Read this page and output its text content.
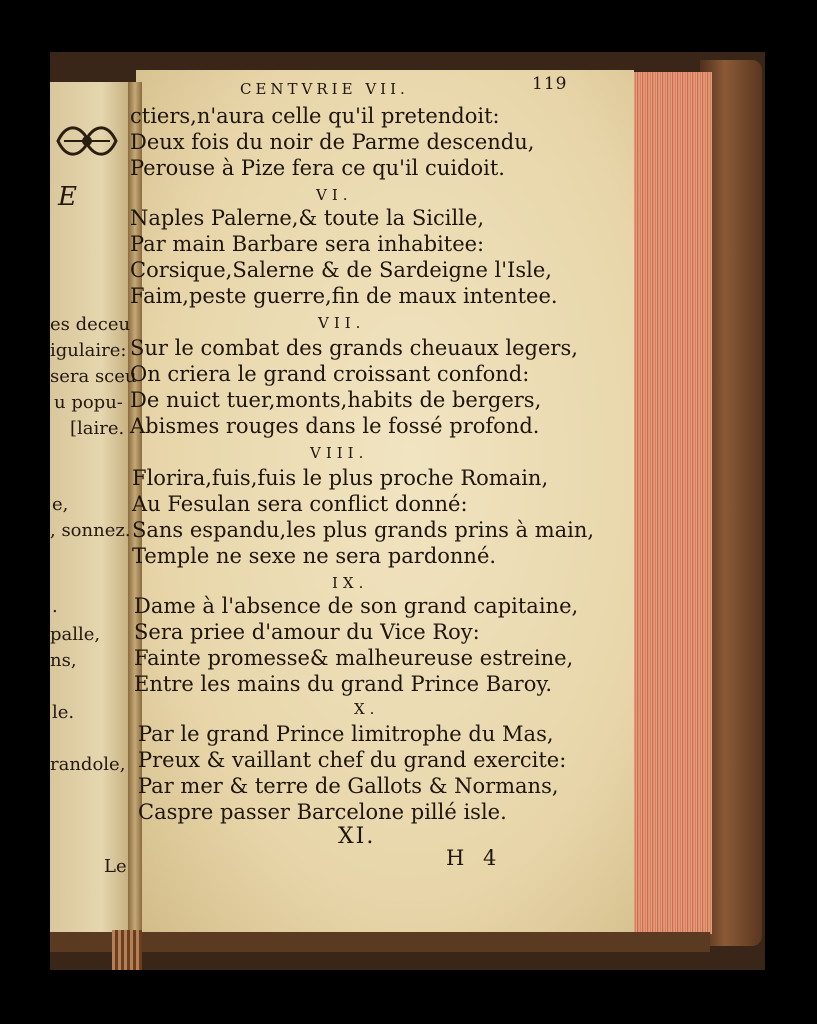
E
es deceu
igulaire:
sera sceu
u popu-
[laire.
e,
, sonnez.
.
palle,
ns,
le.
randole,
Le
CENTVRIE VII.	119
ctiers,n'aura celle qu'il pretendoit:
Deux fois du noir de Parme descendu,
Perouse à Pize fera ce qu'il cuidoit.
VI.
Naples Palerne,& toute la Sicille,
Par main Barbare sera inhabitee:
Corsique,Salerne & de Sardeigne l'Isle,
Faim,peste guerre,fin de maux intentee.
VII.
Sur le combat des grands cheuaux legers,
On criera le grand croissant confond:
De nuict tuer,monts,habits de bergers,
Abismes rouges dans le fossé profond.
VIII.
Florira,fuis,fuis le plus proche Romain,
Au Fesulan sera conflict donné:
Sans espandu,les plus grands prins à main,
Temple ne sexe ne sera pardonné.
IX.
Dame à l'absence de son grand capitaine,
Sera priee d'amour du Vice Roy:
Fainte promesse& malheureuse estreine,
Entre les mains du grand Prince Baroy.
X.
Par le grand Prince limitrophe du Mas,
Preux & vaillant chef du grand exercite:
Par mer & terre de Gallots & Normans,
Caspre passer Barcelone pillé isle.
XI.
H 4
